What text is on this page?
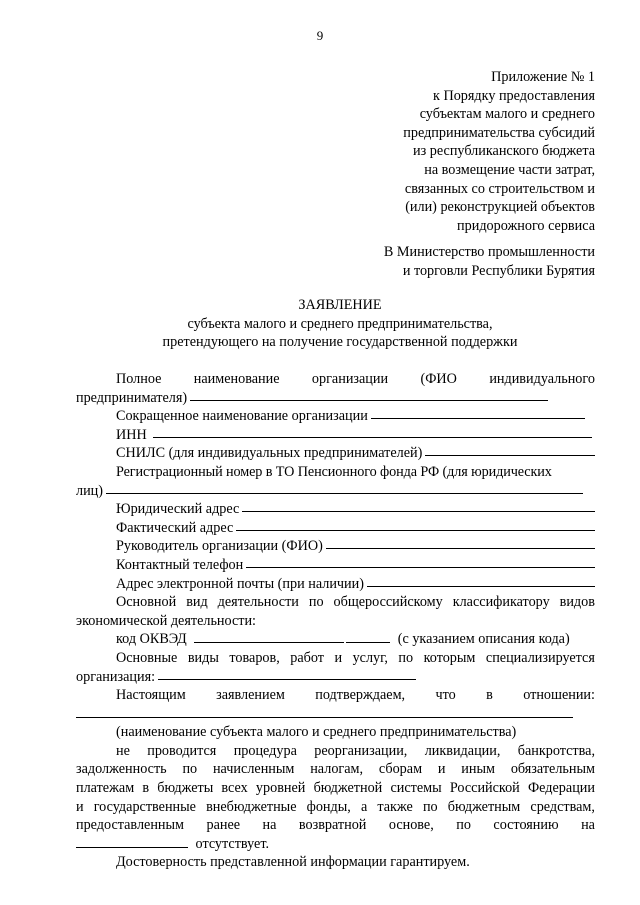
9
Приложение № 1
к Порядку предоставления
субъектам малого и среднего
предпринимательства субсидий
из республиканского бюджета
на возмещение части затрат,
связанных со строительством и
(или) реконструкцией объектов
придорожного сервиса
В Министерство промышленности
и торговли Республики Бурятия
ЗАЯВЛЕНИЕ
субъекта малого и среднего предпринимательства,
претендующего на получение государственной поддержки
Полное наименование организации (ФИО индивидуального
предпринимателя)
Сокращенное наименование организации
ИНН
СНИЛС (для индивидуальных предпринимателей)
Регистрационный номер в ТО Пенсионного фонда РФ (для юридических
лиц)
Юридический адрес
Фактический адрес
Руководитель организации (ФИО)
Контактный телефон
Адрес электронной почты (при наличии)
Основной вид деятельности по общероссийскому классификатору видов
экономической деятельности:
код ОКВЭД	(с указанием описания кода)
Основные виды товаров, работ и услуг, по которым специализируется
организация:
Настоящим заявлением подтверждаем, что в отношении:
(наименование субъекта малого и среднего предпринимательства)
не проводится процедура реорганизации, ликвидации, банкротства,
задолженность по начисленным налогам, сборам и иным обязательным
платежам в бюджеты всех уровней бюджетной системы Российской Федерации
и государственные внебюджетные фонды, а также по бюджетным средствам,
предоставленным ранее на возвратной основе, по состоянию на
отсутствует.
Достоверность представленной информации гарантируем.
